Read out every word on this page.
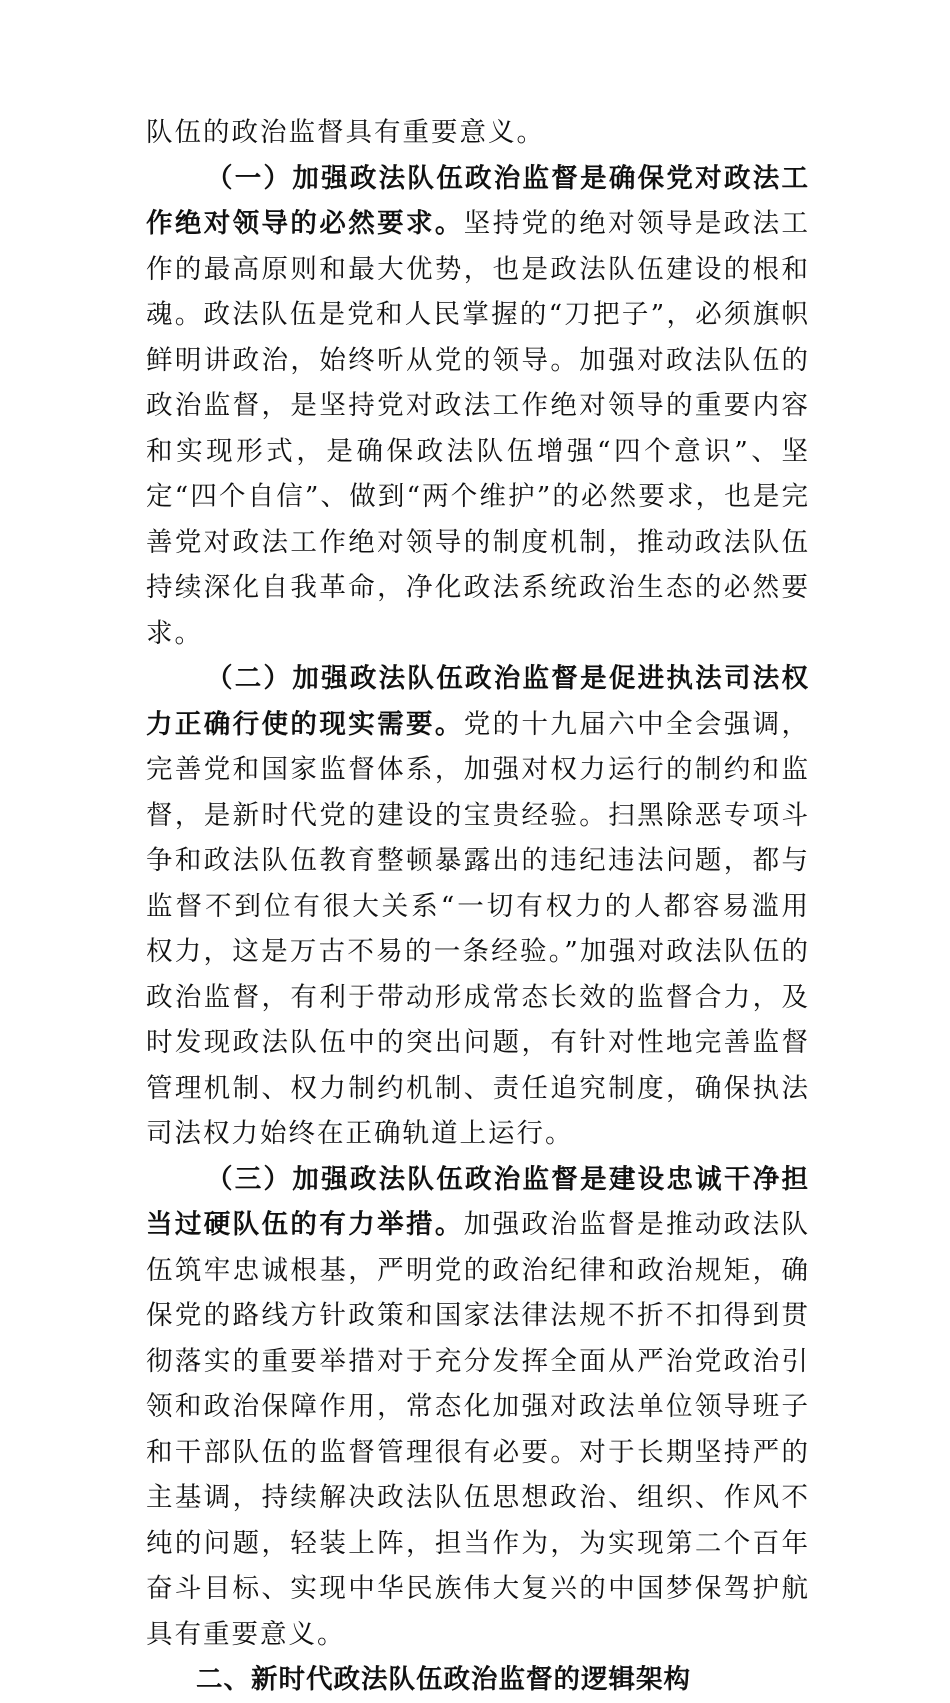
队伍的政治监督具有重要意义。

（一）加强政法队伍政治监督是确保党对政法工作绝对领导的必然要求。坚持党的绝对领导是政法工作的最高原则和最大优势，也是政法队伍建设的根和魂。政法队伍是党和人民掌握的“刀把子”，必须旗帜鲜明讲政治，始终听从党的领导。加强对政法队伍的政治监督，是坚持党对政法工作绝对领导的重要内容和实现形式，是确保政法队伍增强“四个意识”、坚定“四个自信”、做到“两个维护”的必然要求，也是完善党对政法工作绝对领导的制度机制，推动政法队伍持续深化自我革命，净化政法系统政治生态的必然要求。

（二）加强政法队伍政治监督是促进执法司法权力正确行使的现实需要。党的十九届六中全会强调，完善党和国家监督体系，加强对权力运行的制约和监督，是新时代党的建设的宝贵经验。扫黑除恶专项斗争和政法队伍教育整顿暴露出的违纪违法问题，都与监督不到位有很大关系“一切有权力的人都容易滥用权力，这是万古不易的一条经验。”加强对政法队伍的政治监督，有利于带动形成常态长效的监督合力，及时发现政法队伍中的突出问题，有针对性地完善监督管理机制、权力制约机制、责任追究制度，确保执法司法权力始终在正确轨道上运行。

（三）加强政法队伍政治监督是建设忠诚干净担当过硬队伍的有力举措。加强政治监督是推动政法队伍筑牢忠诚根基，严明党的政治纪律和政治规矩，确保党的路线方针政策和国家法律法规不折不扣得到贯彻落实的重要举措对于充分发挥全面从严治党政治引领和政治保障作用，常态化加强对政法单位领导班子和干部队伍的监督管理很有必要。对于长期坚持严的主基调，持续解决政法队伍思想政治、组织、作风不纯的问题，轻装上阵，担当作为，为实现第二个百年奋斗目标、实现中华民族伟大复兴的中国梦保驾护航具有重要意义。

二、新时代政法队伍政治监督的逻辑架构
